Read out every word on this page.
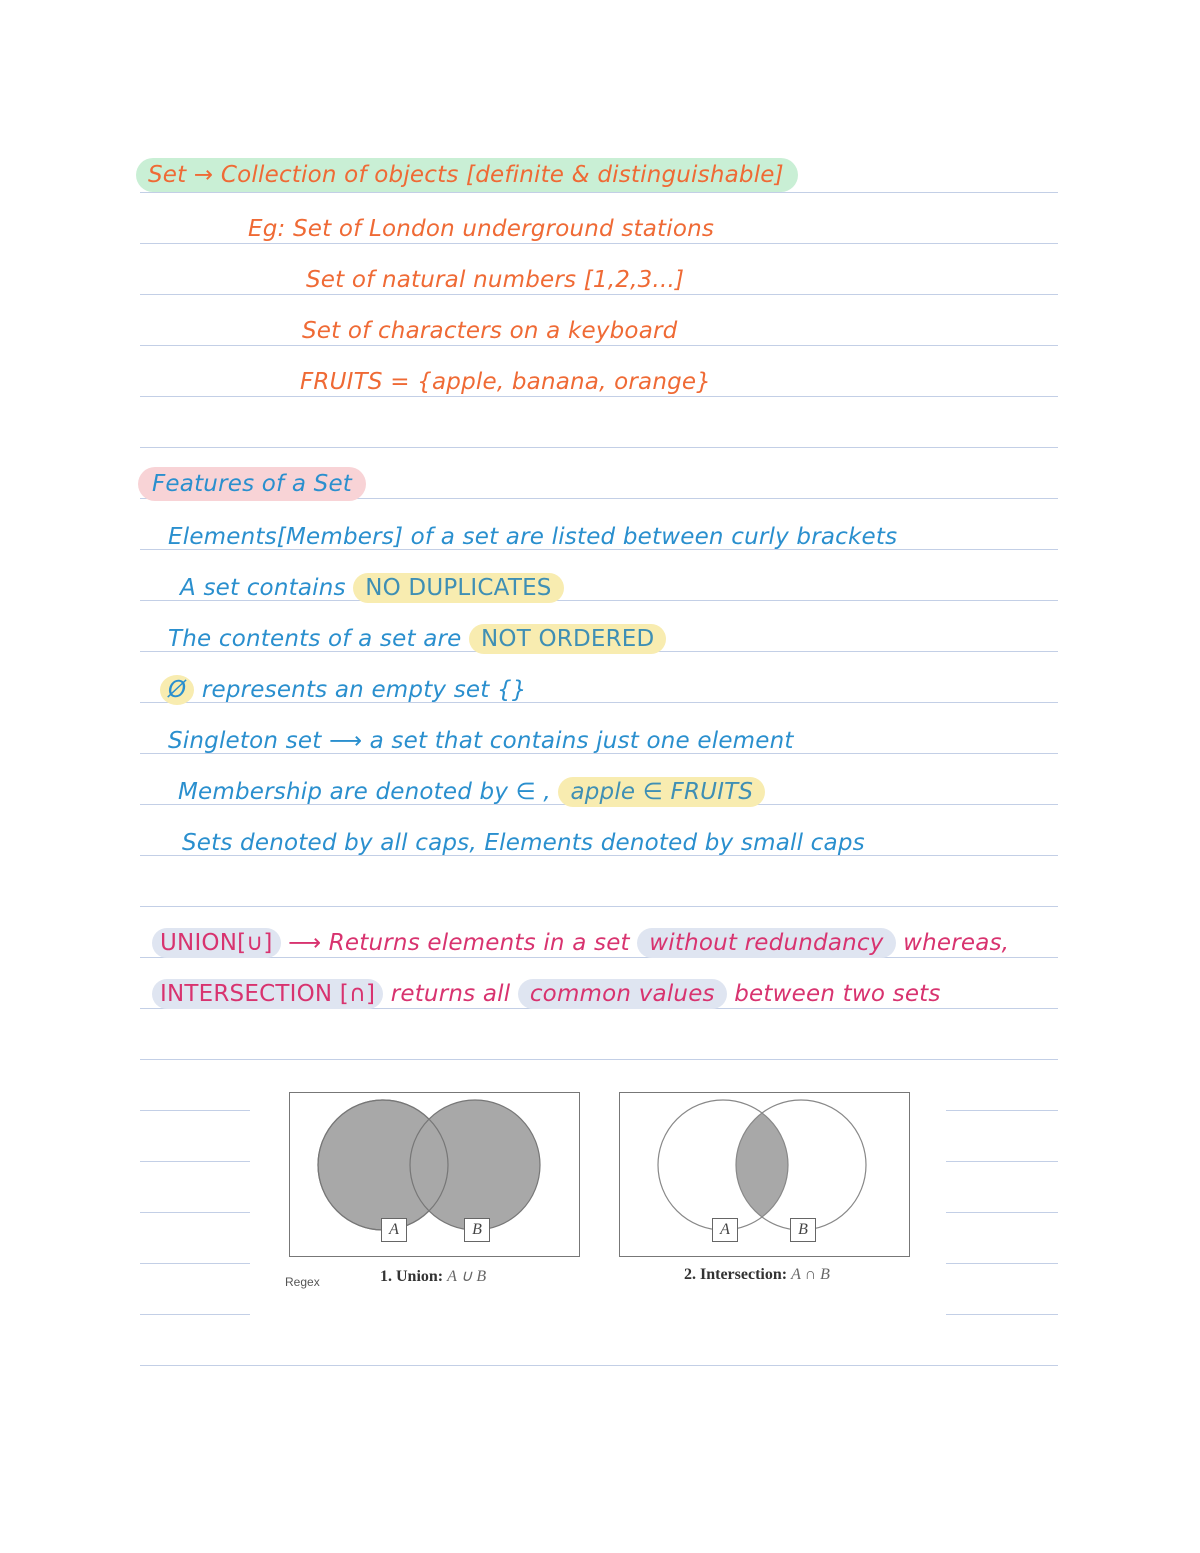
Set → Collection of objects [definite & distinguishable]
Eg: Set of London underground stations
Set of natural numbers [1,2,3...]
Set of characters on a keyboard
FRUITS = {apple, banana, orange}
Features of a Set
Elements[Members] of a set are listed between curly brackets
A set contains NO DUPLICATES
The contents of a set are NOT ORDERED
Ø represents an empty set {}
Singleton set ⟶ a set that contains just one element
Membership are denoted by ∈ , apple ∈ FRUITS
Sets denoted by all caps, Elements denoted by small caps
UNION[∪] ⟶ Returns elements in a set without redundancy whereas,
INTERSECTION [∩] returns all common values between two sets
A	B	A	B
Regex	1. Union: A ∪ B	2. Intersection: A ∩ B
